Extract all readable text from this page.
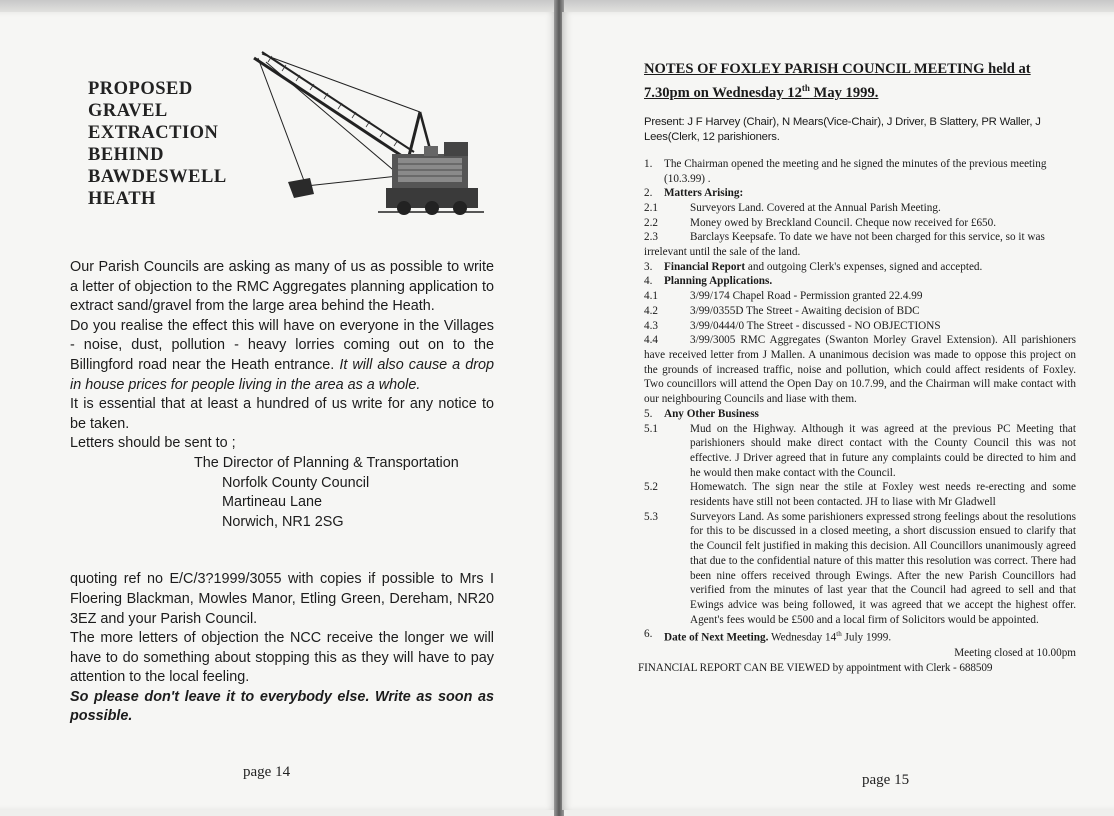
PROPOSED
GRAVEL
EXTRACTION
BEHIND
BAWDESWELL
HEATH

Our Parish Councils are asking as many of us as possible to write a letter of objection to the RMC Aggregates planning application to extract sand/gravel from the large area behind the Heath.

Do you realise the effect this will have on everyone in the Villages - noise, dust, pollution - heavy lorries coming out on to the Billingford road near the Heath entrance. It will also cause a drop in house prices for people living in the area as a whole.

It is essential that at least a hundred of us write for any notice to be taken.

Letters should be sent to ;

The Director of Planning & Transportation
Norfolk County Council
Martineau Lane
Norwich, NR1 2SG

quoting ref no E/C/3?1999/3055 with copies if possible to Mrs I Floering Blackman, Mowles Manor, Etling Green, Dereham, NR20 3EZ and your Parish Council.

The more letters of objection the NCC receive the longer we will have to do something about stopping this as they will have to pay attention to the local feeling.

So please don't leave it to everybody else. Write as soon as possible.

page 14
NOTES OF FOXLEY PARISH COUNCIL MEETING held at 7.30pm on Wednesday 12th May 1999.
Present: J F Harvey (Chair), N Mears(Vice-Chair), J Driver, B Slattery, PR Waller, J Lees(Clerk, 12 parishioners.
1.	The Chairman opened the meeting and he signed the minutes of the previous meeting (10.3.99) .
2.	Matters Arising:
2.1	Surveyors Land. Covered at the Annual Parish Meeting.
2.2	Money owed by Breckland Council. Cheque now received for £650.
2.3	Barclays Keepsafe. To date we have not been charged for this service, so it was irrelevant until the sale of the land.
3.	Financial Report and outgoing Clerk's expenses, signed and accepted.
4.	Planning Applications.
4.1	3/99/174 Chapel Road - Permission granted 22.4.99
4.2	3/99/0355D The Street - Awaiting decision of BDC
4.3	3/99/0444/0 The Street - discussed - NO OBJECTIONS
4.4	3/99/3005 RMC Aggregates (Swanton Morley Gravel Extension). All parishioners have received letter from J Mallen. A unanimous decision was made to oppose this project on the grounds of increased traffic, noise and pollution, which could affect residents of Foxley. Two councillors will attend the Open Day on 10.7.99, and the Chairman will make contact with our neighbouring Councils and liase with them.
5.	Any Other Business
5.1	Mud on the Highway. Although it was agreed at the previous PC Meeting that parishioners should make direct contact with the County Council this was not effective. J Driver agreed that in future any complaints could be directed to him and he would then make contact with the Council.
5.2	Homewatch. The sign near the stile at Foxley west needs re-erecting and some residents have still not been contacted. JH to liase with Mr Gladwell
5.3	Surveyors Land. As some parishioners expressed strong feelings about the resolutions for this to be discussed in a closed meeting, a short discussion ensued to clarify that the Council felt justified in making this decision. All Councillors unanimously agreed that due to the confidential nature of this matter this resolution was correct. There had been nine offers received through Ewings. After the new Parish Councillors had verified from the minutes of last year that the Council had agreed to sell and that Ewings advice was being followed, it was agreed that we accept the highest offer. Agent's fees would be £500 and a local firm of Solicitors would be appointed.
6.	Date of Next Meeting. Wednesday 14th July 1999.
Meeting closed at 10.00pm
FINANCIAL REPORT CAN BE VIEWED by appointment with Clerk - 688509
page 15
